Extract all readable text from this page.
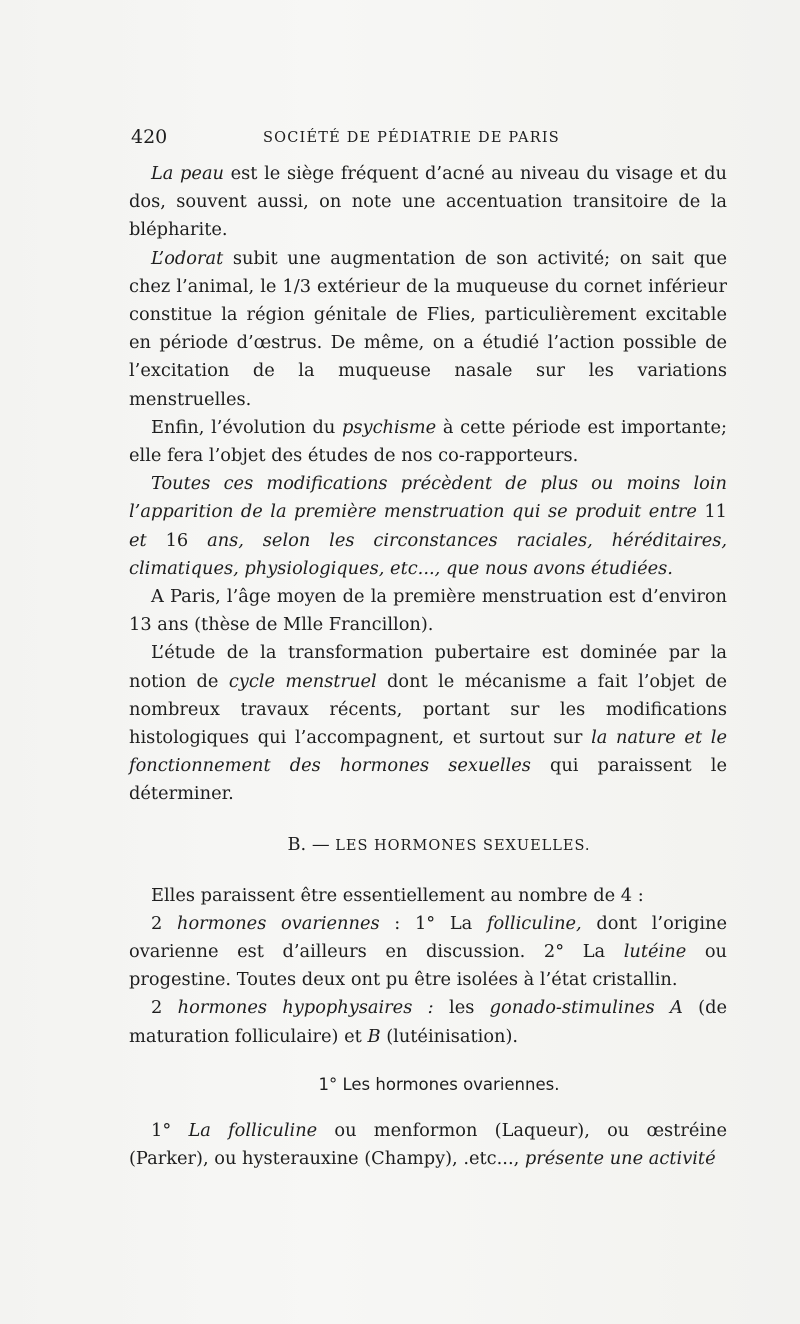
420	SOCIÉTÉ DE PÉDIATRIE DE PARIS

La peau est le siège fréquent d’acné au niveau du visage et du dos, souvent aussi, on note une accentuation transitoire de la blépharite.

L’odorat subit une augmentation de son activité; on sait que chez l’animal, le 1/3 extérieur de la muqueuse du cornet inférieur constitue la région génitale de Flies, particulièrement excitable en période d’œstrus. De même, on a étudié l’action possible de l’excitation de la muqueuse nasale sur les variations menstruelles.

Enfin, l’évolution du psychisme à cette période est importante; elle fera l’objet des études de nos co-rapporteurs.

Toutes ces modifications précèdent de plus ou moins loin l’apparition de la première menstruation qui se produit entre 11 et 16 ans, selon les circonstances raciales, héréditaires, climatiques, physiologiques, etc..., que nous avons étudiées.

A Paris, l’âge moyen de la première menstruation est d’environ 13 ans (thèse de Mlle Francillon).

L’étude de la transformation pubertaire est dominée par la notion de cycle menstruel dont le mécanisme a fait l’objet de nombreux travaux récents, portant sur les modifications histologiques qui l’accompagnent, et surtout sur la nature et le fonctionnement des hormones sexuelles qui paraissent le déterminer.

B. — LES HORMONES SEXUELLES.

Elles paraissent être essentiellement au nombre de 4 :

2 hormones ovariennes : 1° La folliculine, dont l’origine ovarienne est d’ailleurs en discussion. 2° La lutéine ou progestine. Toutes deux ont pu être isolées à l’état cristallin.

2 hormones hypophysaires : les gonado-stimulines A (de maturation folliculaire) et B (lutéinisation).

1° Les hormones ovariennes.

1° La folliculine ou menformon (Laqueur), ou œstréine (Parker), ou hysterauxine (Champy), .etc..., présente une activité
